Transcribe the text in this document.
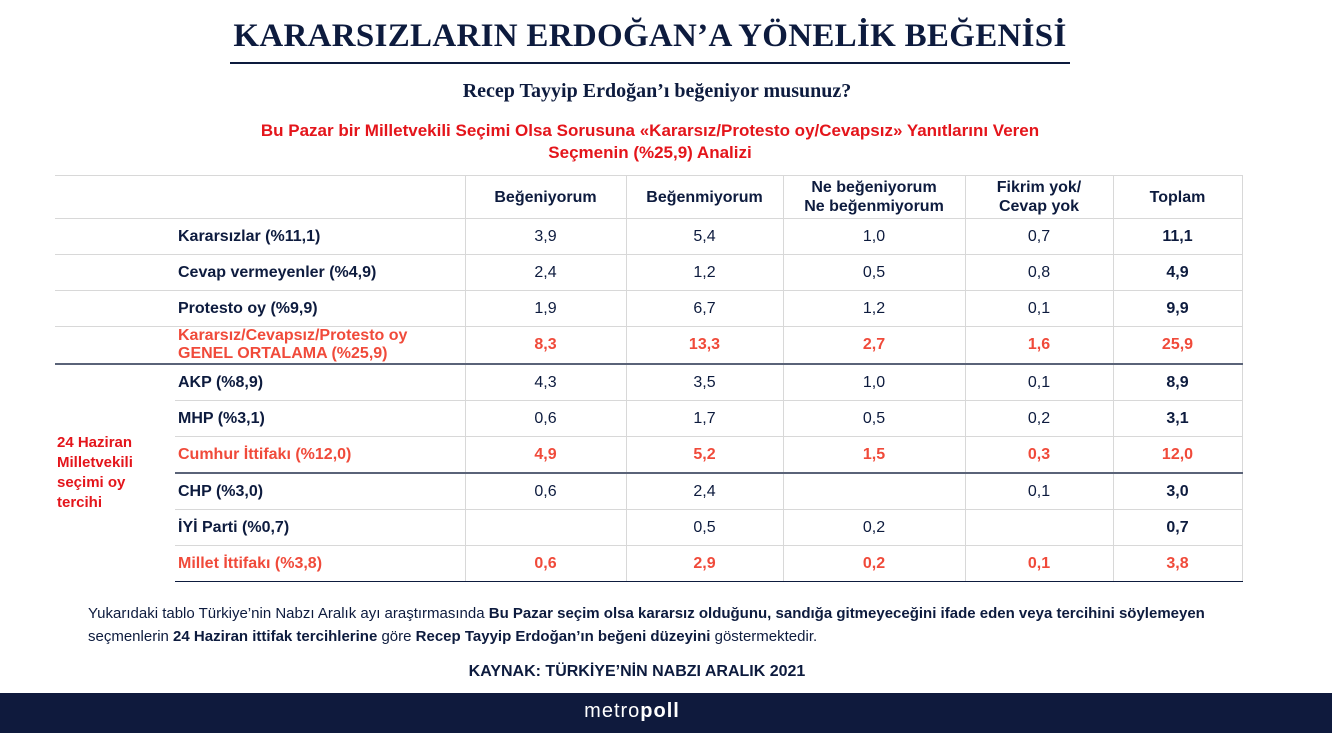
KARARSIZLARIN ERDOĞAN’A YÖNELİK BEĞENİSİ
Recep Tayyip Erdoğan’ı beğeniyor musunuz?
Bu Pazar bir Milletvekili Seçimi Olsa Sorusuna «Kararsız/Protesto oy/Cevapsız» Yanıtlarını Veren
Seçmenin (%25,9) Analizi
		Beğeniyorum	Beğenmiyorum	Ne beğeniyorum
Ne beğenmiyorum	Fikrim yok/
Cevap yok	Toplam
	Kararsızlar (%11,1)	3,9	5,4	1,0	0,7	11,1
	Cevap vermeyenler (%4,9)	2,4	1,2	0,5	0,8	4,9
	Protesto oy (%9,9)	1,9	6,7	1,2	0,1	9,9
	Kararsız/Cevapsız/Protesto oy
GENEL ORTALAMA (%25,9)	8,3	13,3	2,7	1,6	25,9

24 Haziran
Milletvekili
seçimi oy
tercihi	AKP (%8,9)	4,3	3,5	1,0	0,1	8,9
	MHP (%3,1)	0,6	1,7	0,5	0,2	3,1
	Cumhur İttifakı (%12,0)	4,9	5,2	1,5	0,3	12,0
	CHP (%3,0)	0,6	2,4		0,1	3,0
	İYİ Parti (%0,7)		0,5	0,2		0,7
	Millet İttifakı (%3,8)	0,6	2,9	0,2	0,1	3,8
Yukarıdaki tablo Türkiye’nin Nabzı Aralık ayı araştırmasında Bu Pazar seçim olsa kararsız olduğunu, sandığa gitmeyeceğini ifade eden veya tercihini söylemeyen seçmenlerin 24 Haziran ittifak tercihlerine göre Recep Tayyip Erdoğan’ın beğeni düzeyini göstermektedir.
KAYNAK: TÜRKİYE’NİN NABZI ARALIK 2021
metropoll
